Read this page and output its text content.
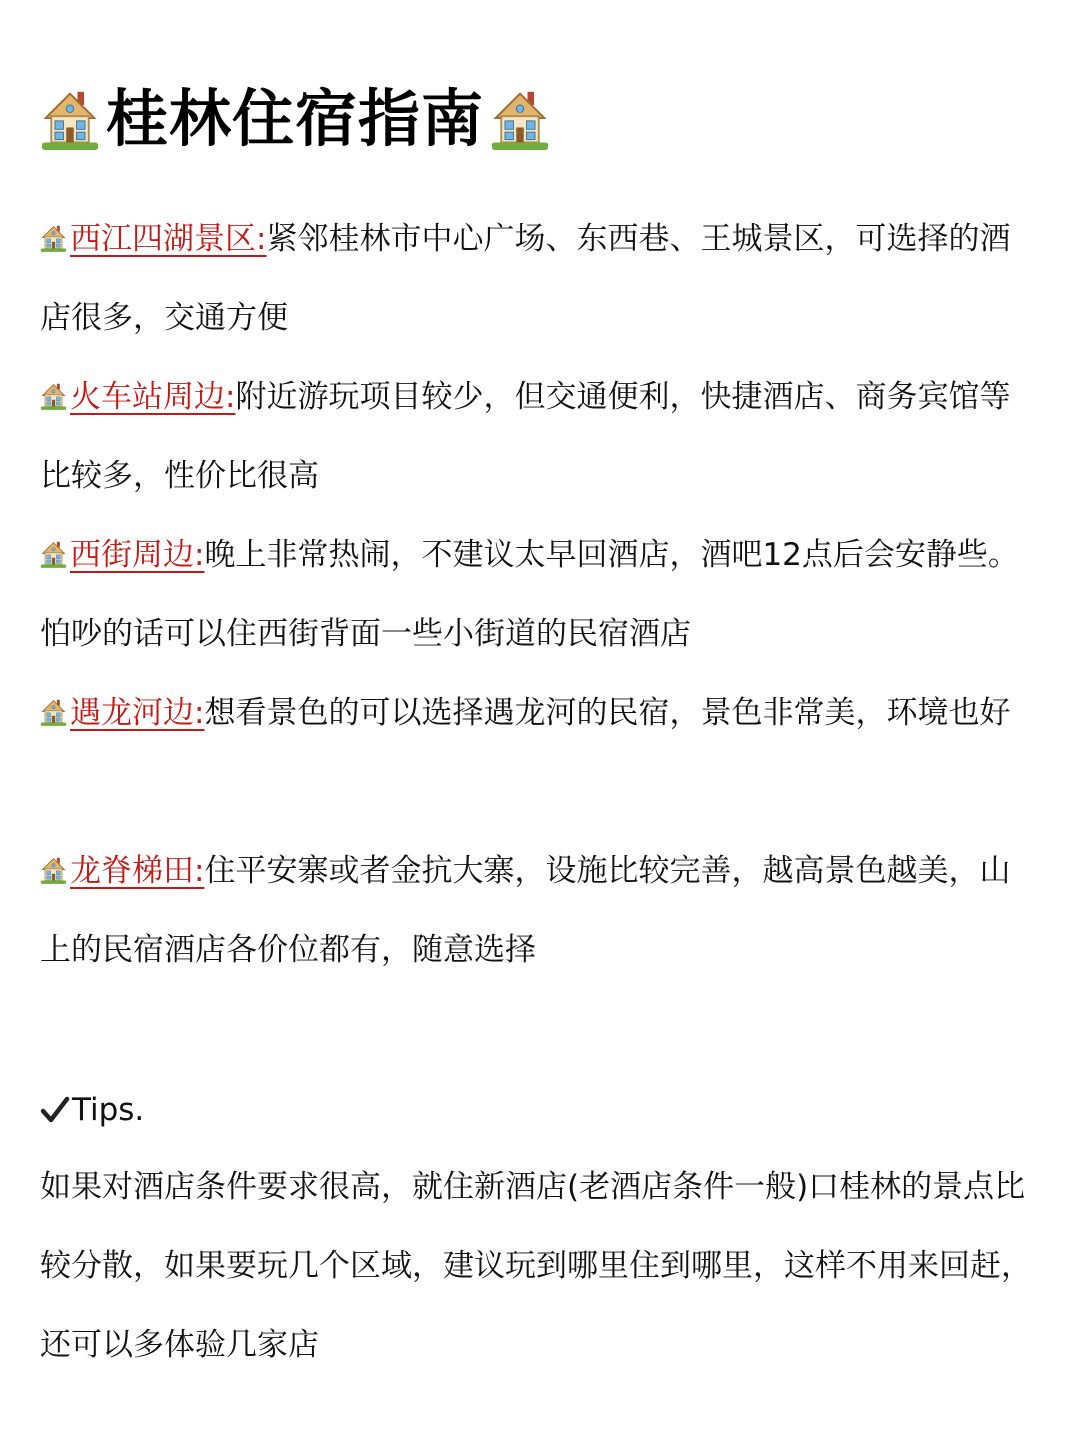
桂林住宿指南
西江四湖景区:紧邻桂林市中心广场、东西巷、王城景区，可选择的酒店很多，交通方便
火车站周边:附近游玩项目较少，但交通便利，快捷酒店、商务宾馆等比较多，性价比很高
西街周边:晚上非常热闹，不建议太早回酒店，酒吧12点后会安静些。怕吵的话可以住西街背面一些小街道的民宿酒店
遇龙河边:想看景色的可以选择遇龙河的民宿，景色非常美，环境也好
龙脊梯田:住平安寨或者金抗大寨，设施比较完善，越高景色越美，山上的民宿酒店各价位都有，随意选择
Tips.
如果对酒店条件要求很高，就住新酒店(老酒店条件一般)口桂林的景点比较分散，如果要玩几个区域，建议玩到哪里住到哪里，这样不用来回赶，还可以多体验几家店
